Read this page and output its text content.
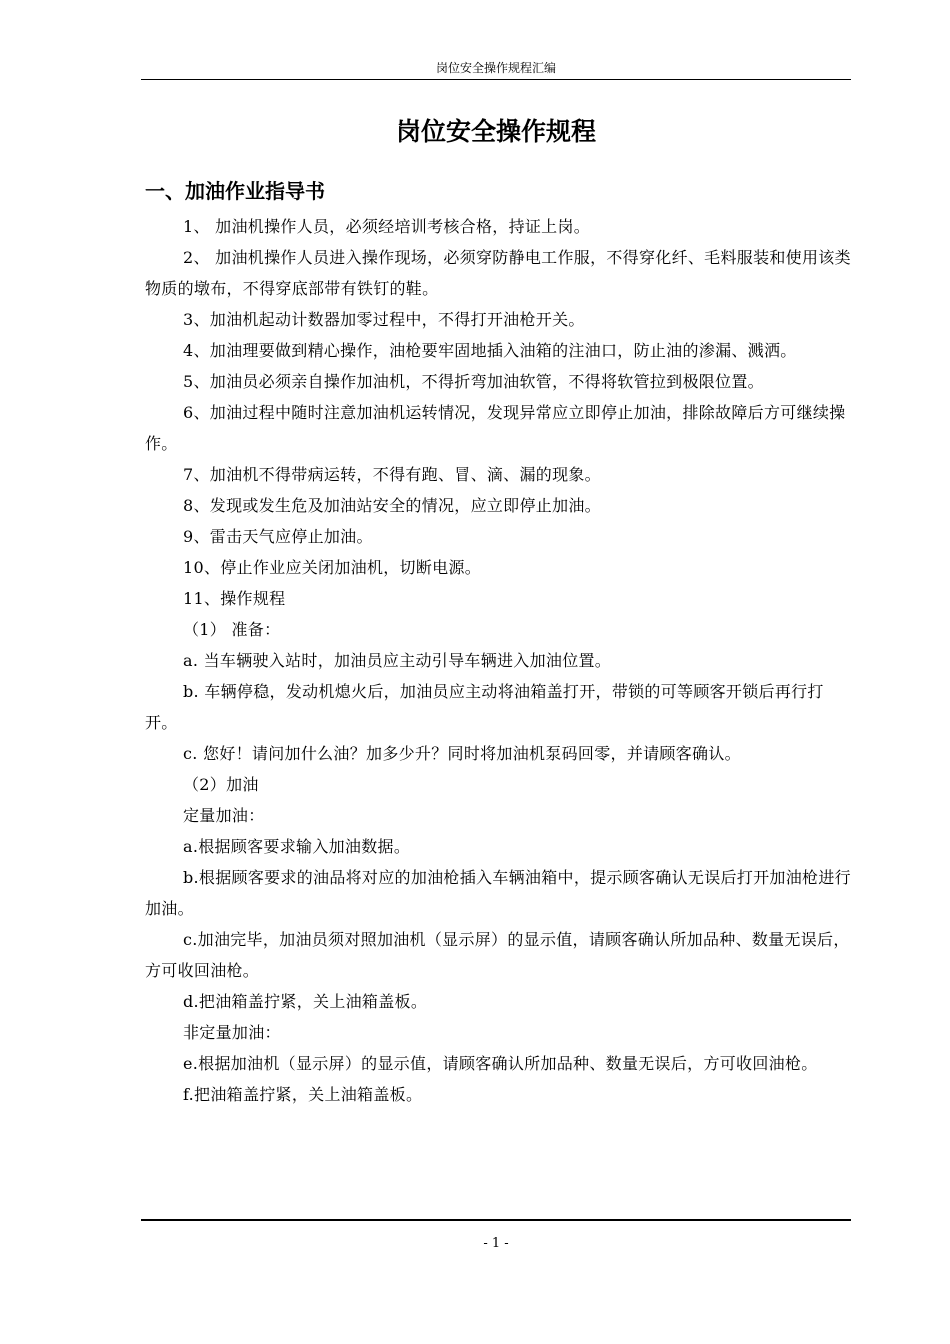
岗位安全操作规程汇编
岗位安全操作规程
一、加油作业指导书

1、 加油机操作人员，必须经培训考核合格，持证上岗。

2、 加油机操作人员进入操作现场，必须穿防静电工作服，不得穿化纤、毛料服装和使用该类物质的墩布，不得穿底部带有铁钉的鞋。

3、加油机起动计数器加零过程中，不得打开油枪开关。

4、加油理要做到精心操作，油枪要牢固地插入油箱的注油口，防止油的渗漏、溅洒。

5、加油员必须亲自操作加油机，不得折弯加油软管，不得将软管拉到极限位置。

6、加油过程中随时注意加油机运转情况，发现异常应立即停止加油，排除故障后方可继续操作。

7、加油机不得带病运转，不得有跑、冒、滴、漏的现象。

8、发现或发生危及加油站安全的情况，应立即停止加油。

9、雷击天气应停止加油。

10、停止作业应关闭加油机，切断电源。

11、操作规程

（1） 准备：

a. 当车辆驶入站时，加油员应主动引导车辆进入加油位置。

b. 车辆停稳，发动机熄火后，加油员应主动将油箱盖打开，带锁的可等顾客开锁后再行打开。

c. 您好！请问加什么油？加多少升？同时将加油机泵码回零，并请顾客确认。

（2）加油

定量加油：

a.根据顾客要求输入加油数据。

b.根据顾客要求的油品将对应的加油枪插入车辆油箱中，提示顾客确认无误后打开加油枪进行加油。

c.加油完毕，加油员须对照加油机（显示屏）的显示值，请顾客确认所加品种、数量无误后，方可收回油枪。

d.把油箱盖拧紧，关上油箱盖板。

非定量加油：

e.根据加油机（显示屏）的显示值，请顾客确认所加品种、数量无误后，方可收回油枪。

f.把油箱盖拧紧，关上油箱盖板。

- 1 -
